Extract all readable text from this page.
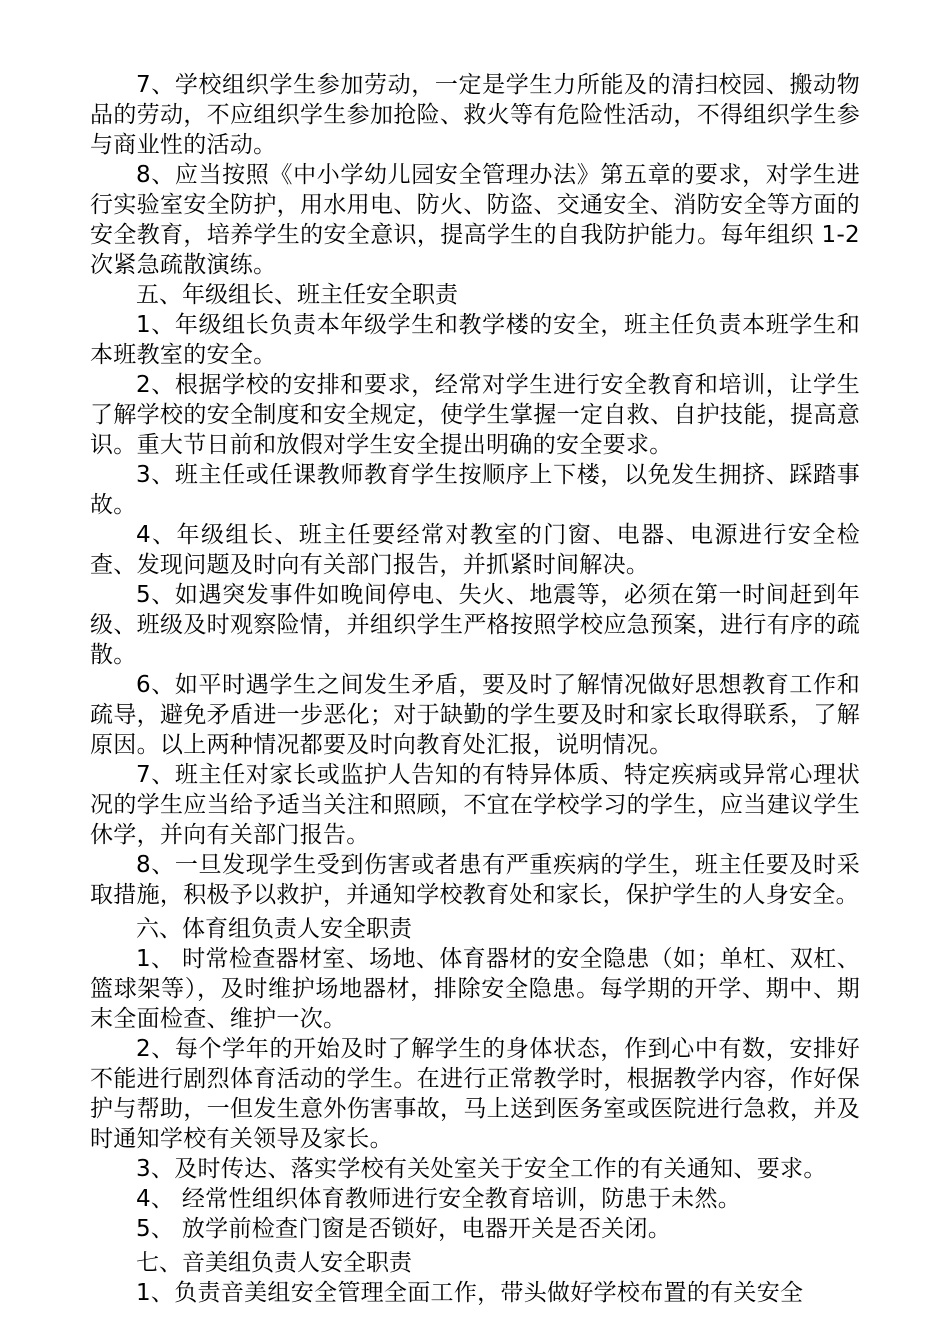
7、学校组织学生参加劳动，一定是学生力所能及的清扫校园、搬动物品的劳动，不应组织学生参加抢险、救火等有危险性活动，不得组织学生参与商业性的活动。

8、应当按照《中小学幼儿园安全管理办法》第五章的要求，对学生进行实验室安全防护，用水用电、防火、防盗、交通安全、消防安全等方面的安全教育，培养学生的安全意识，提高学生的自我防护能力。每年组织 1-2 次紧急疏散演练。

五、年级组长、班主任安全职责

1、年级组长负责本年级学生和教学楼的安全，班主任负责本班学生和本班教室的安全。

2、根据学校的安排和要求，经常对学生进行安全教育和培训，让学生了解学校的安全制度和安全规定，使学生掌握一定自救、自护技能，提高意识。重大节日前和放假对学生安全提出明确的安全要求。

3、班主任或任课教师教育学生按顺序上下楼，以免发生拥挤、踩踏事故。

4、年级组长、班主任要经常对教室的门窗、电器、电源进行安全检查、发现问题及时向有关部门报告，并抓紧时间解决。

5、如遇突发事件如晚间停电、失火、地震等，必须在第一时间赶到年级、班级及时观察险情，并组织学生严格按照学校应急预案，进行有序的疏散。

6、如平时遇学生之间发生矛盾，要及时了解情况做好思想教育工作和疏导，避免矛盾进一步恶化；对于缺勤的学生要及时和家长取得联系，了解原因。以上两种情况都要及时向教育处汇报，说明情况。

7、班主任对家长或监护人告知的有特异体质、特定疾病或异常心理状况的学生应当给予适当关注和照顾，不宜在学校学习的学生，应当建议学生休学，并向有关部门报告。

8、一旦发现学生受到伤害或者患有严重疾病的学生，班主任要及时采取措施，积极予以救护，并通知学校教育处和家长，保护学生的人身安全。

六、体育组负责人安全职责

1、 时常检查器材室、场地、体育器材的安全隐患（如；单杠、双杠、篮球架等），及时维护场地器材，排除安全隐患。每学期的开学、期中、期末全面检查、维护一次。

2、每个学年的开始及时了解学生的身体状态，作到心中有数，安排好不能进行剧烈体育活动的学生。在进行正常教学时，根据教学内容，作好保护与帮助，一但发生意外伤害事故，马上送到医务室或医院进行急救，并及时通知学校有关领导及家长。

3、及时传达、落实学校有关处室关于安全工作的有关通知、要求。

4、 经常性组织体育教师进行安全教育培训，防患于未然。

5、 放学前检查门窗是否锁好，电器开关是否关闭。

七、音美组负责人安全职责

1、负责音美组安全管理全面工作，带头做好学校布置的有关安全
